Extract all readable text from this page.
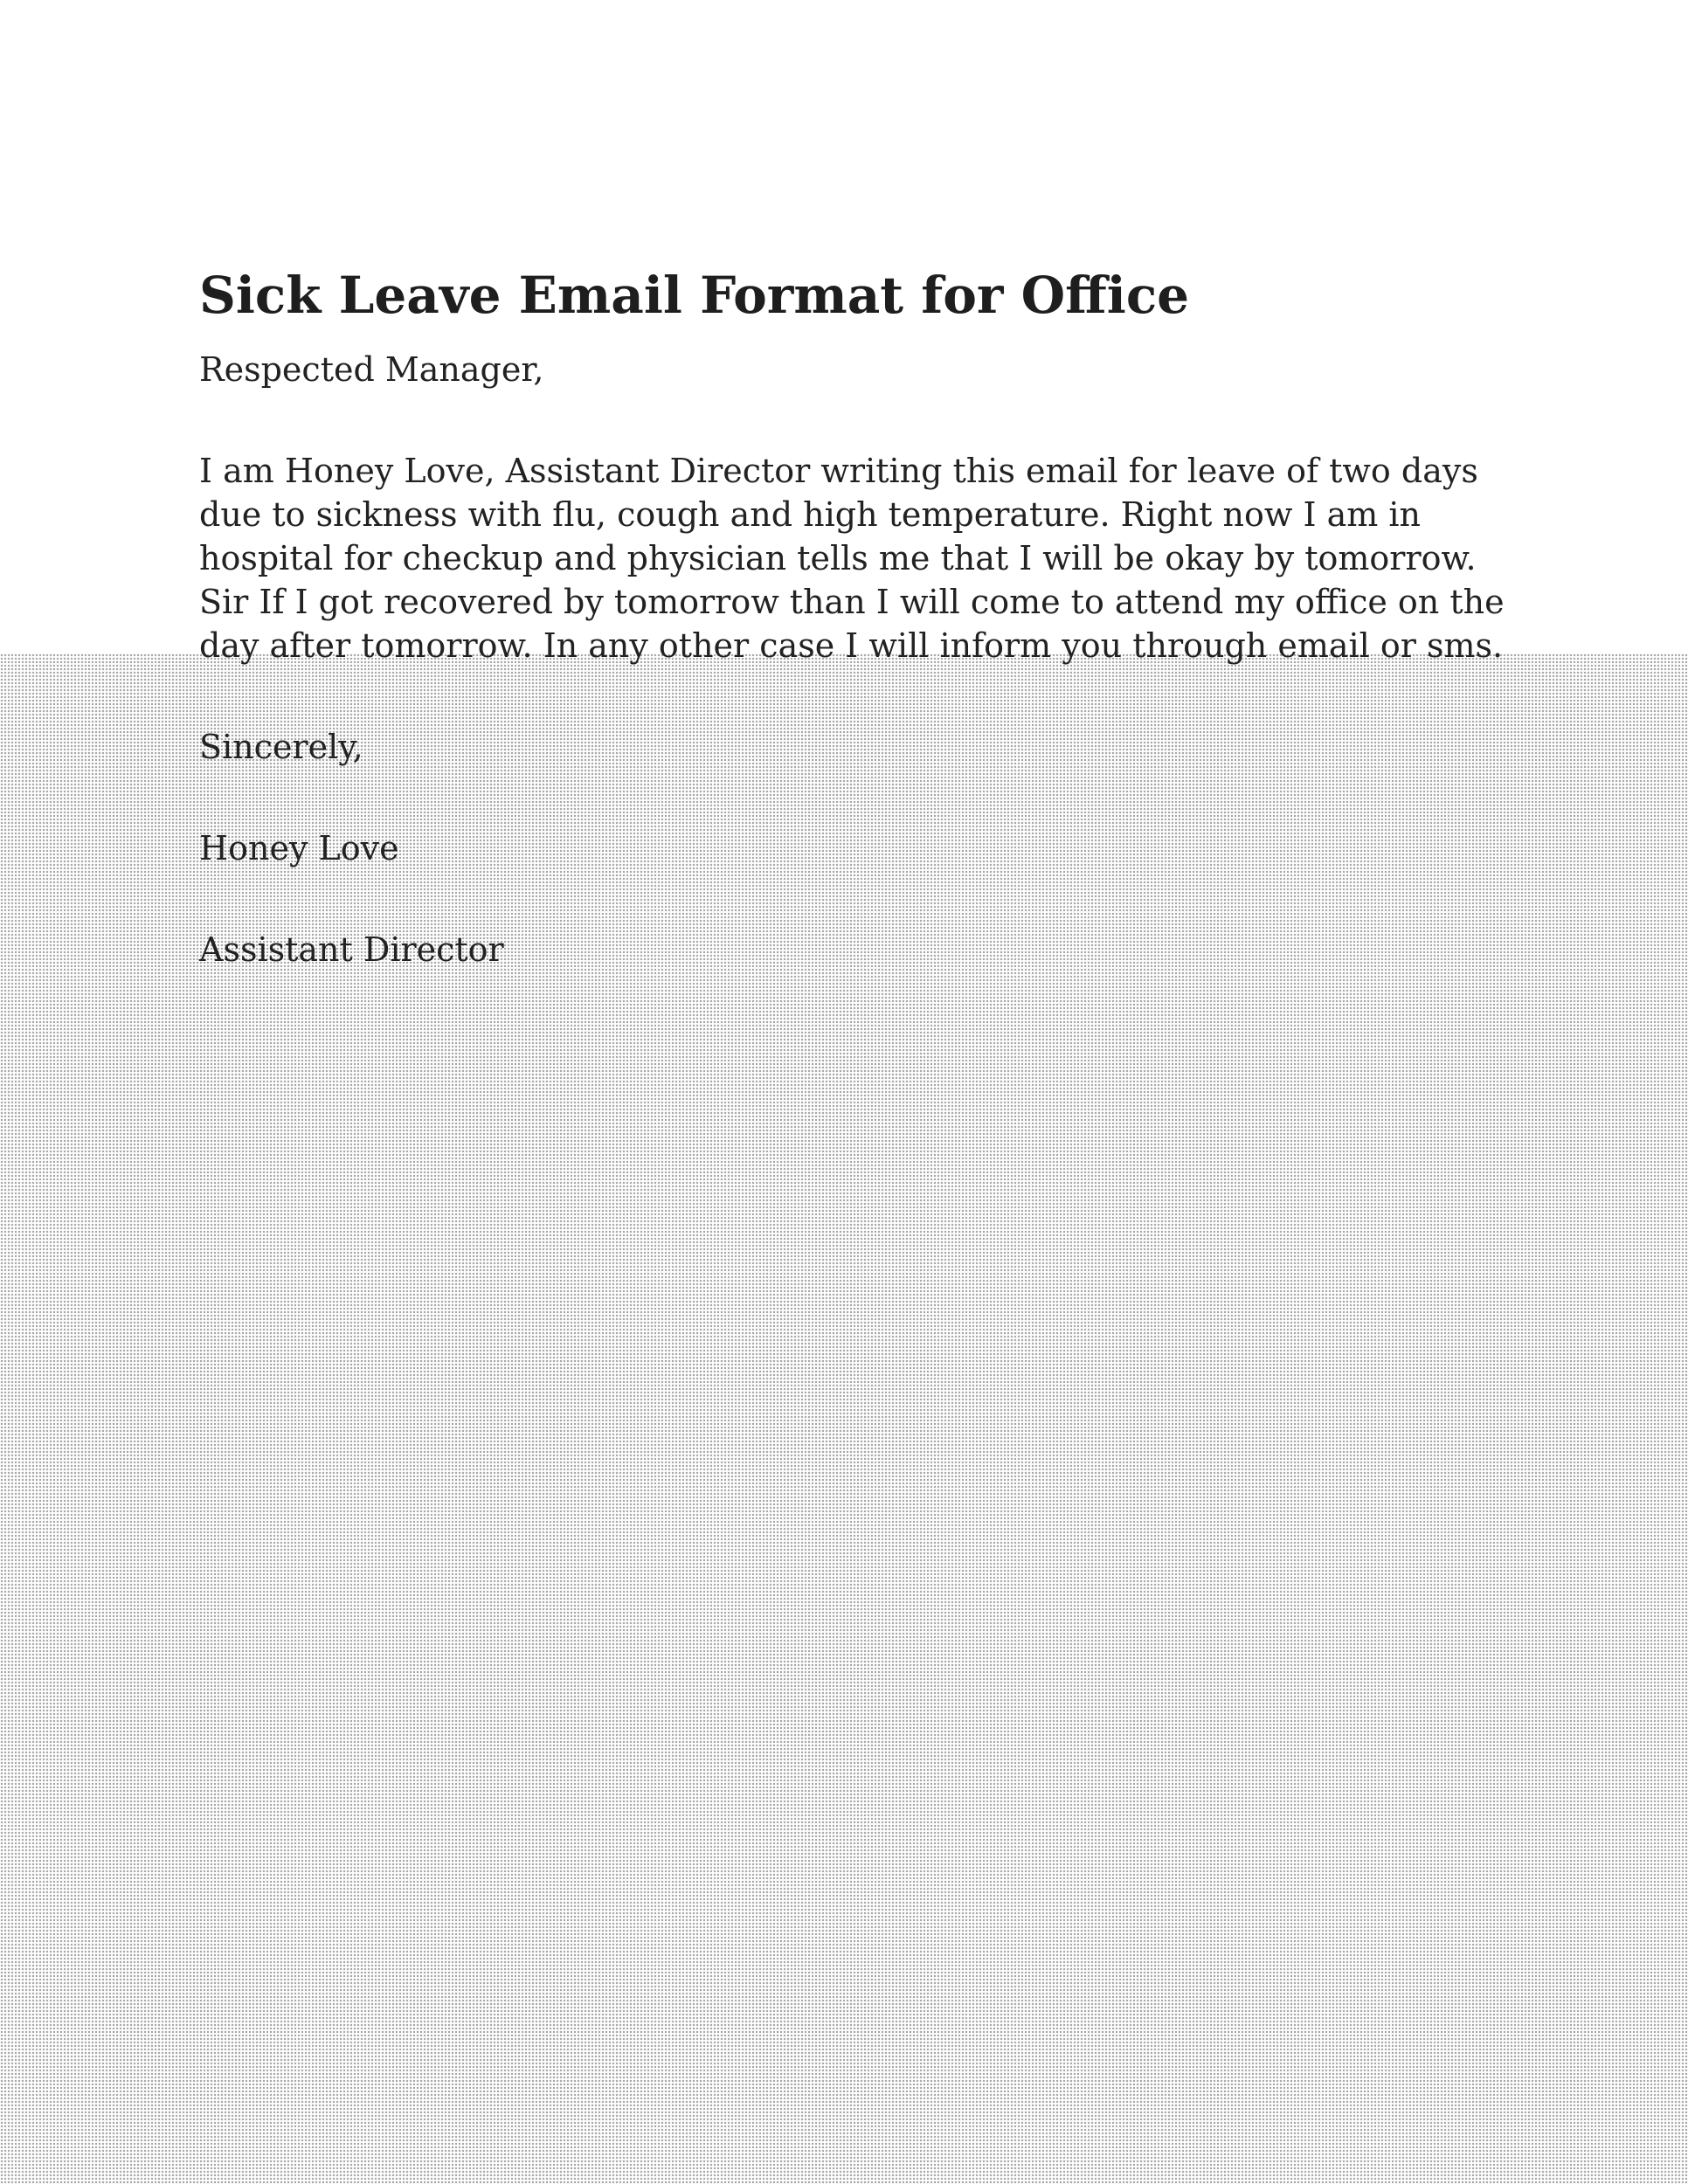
Sick Leave Email Format for Office

Respected Manager,

I am Honey Love, Assistant Director writing this email for leave of two days due to sickness with flu, cough and high temperature. Right now I am in hospital for checkup and physician tells me that I will be okay by tomorrow. Sir If I got recovered by tomorrow than I will come to attend my office on the day after tomorrow. In any other case I will inform you through email or sms.

Sincerely,

Honey Love

Assistant Director
